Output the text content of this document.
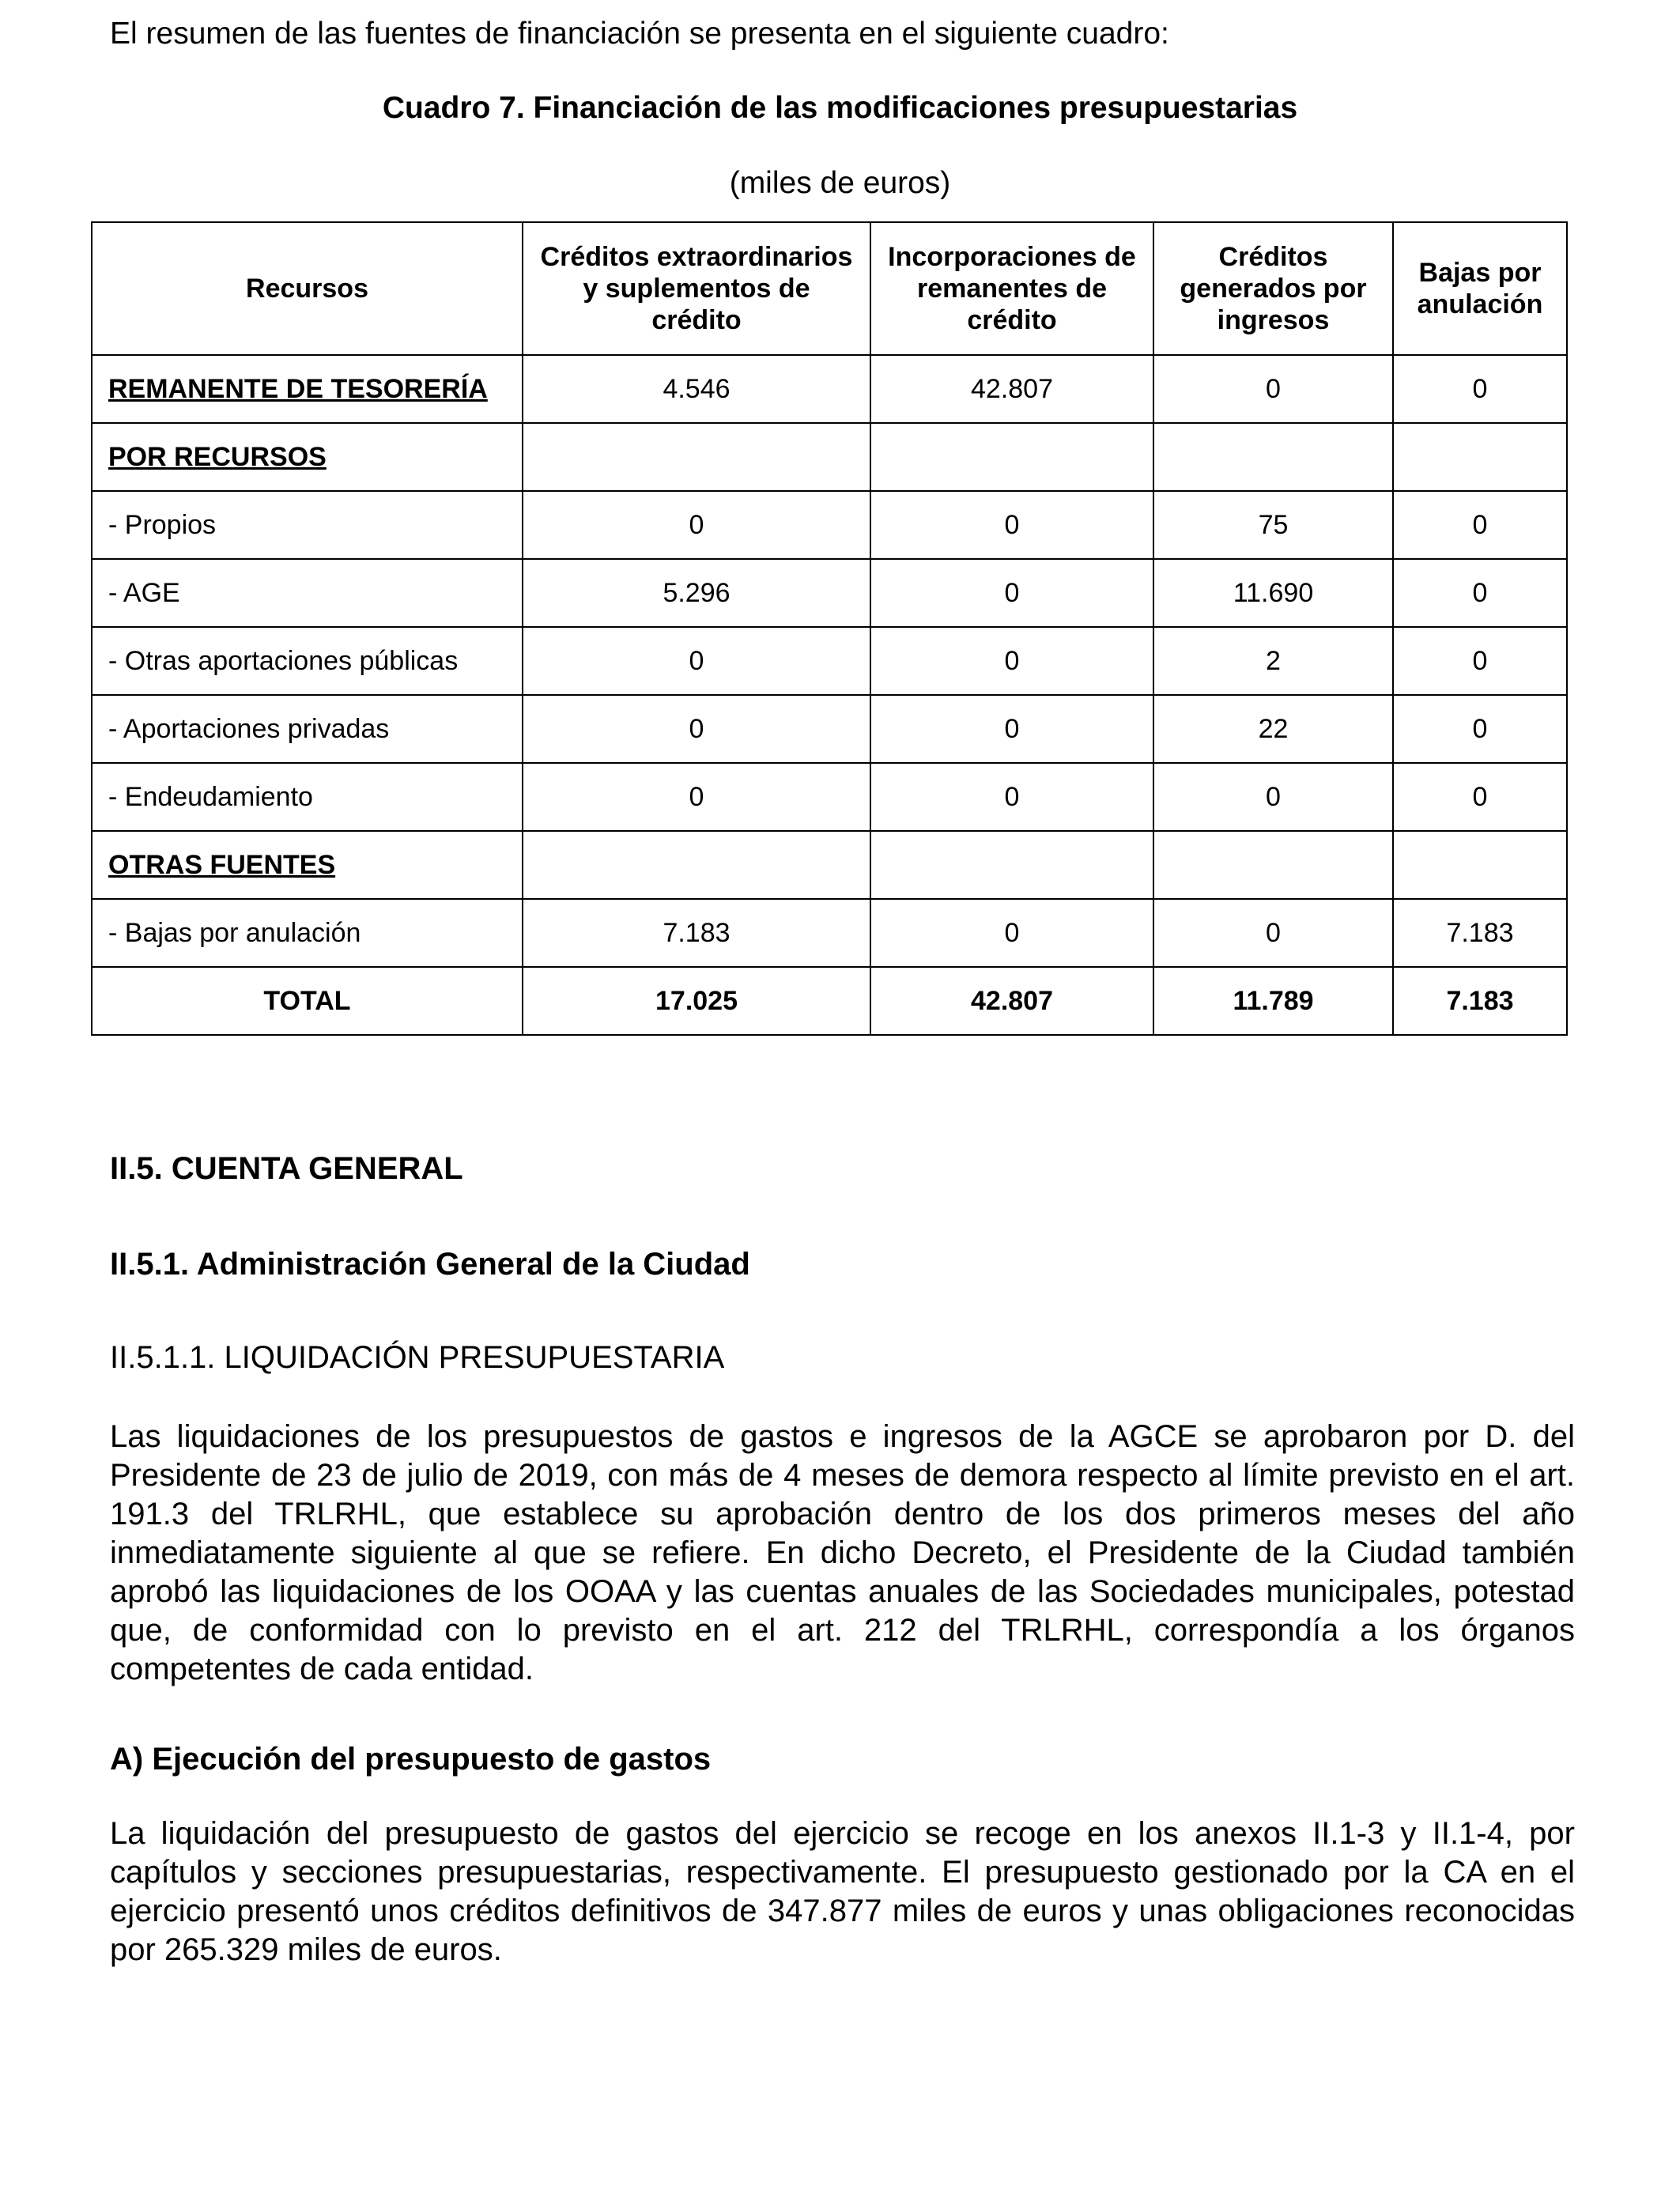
El resumen de las fuentes de financiación se presenta en el siguiente cuadro:
Cuadro 7. Financiación de las modificaciones presupuestarias
(miles de euros)
Recursos	Créditos extraordinarios y suplementos de crédito	Incorporaciones de remanentes de crédito	Créditos generados por ingresos	Bajas por anulación
REMANENTE DE TESORERÍA	4.546	42.807	0	0
POR RECURSOS				
- Propios	0	0	75	0
- AGE	5.296	0	11.690	0
- Otras aportaciones públicas	0	0	2	0
- Aportaciones privadas	0	0	22	0
- Endeudamiento	0	0	0	0
OTRAS FUENTES				
- Bajas por anulación	7.183	0	0	7.183
TOTAL	17.025	42.807	11.789	7.183
II.5. CUENTA GENERAL
II.5.1. Administración General de la Ciudad
II.5.1.1. LIQUIDACIÓN PRESUPUESTARIA

Las liquidaciones de los presupuestos de gastos e ingresos de la AGCE se aprobaron por D. del Presidente de 23 de julio de 2019, con más de 4 meses de demora respecto al límite previsto en el art. 191.3 del TRLRHL, que establece su aprobación dentro de los dos primeros meses del año inmediatamente siguiente al que se refiere. En dicho Decreto, el Presidente de la Ciudad también aprobó las liquidaciones de los OOAA y las cuentas anuales de las Sociedades municipales, potestad que, de conformidad con lo previsto en el art. 212 del TRLRHL, correspondía a los órganos competentes de cada entidad.

A) Ejecución del presupuesto de gastos

La liquidación del presupuesto de gastos del ejercicio se recoge en los anexos II.1-3 y II.1-4, por capítulos y secciones presupuestarias, respectivamente. El presupuesto gestionado por la CA en el ejercicio presentó unos créditos definitivos de 347.877 miles de euros y unas obligaciones reconocidas por 265.329 miles de euros.
